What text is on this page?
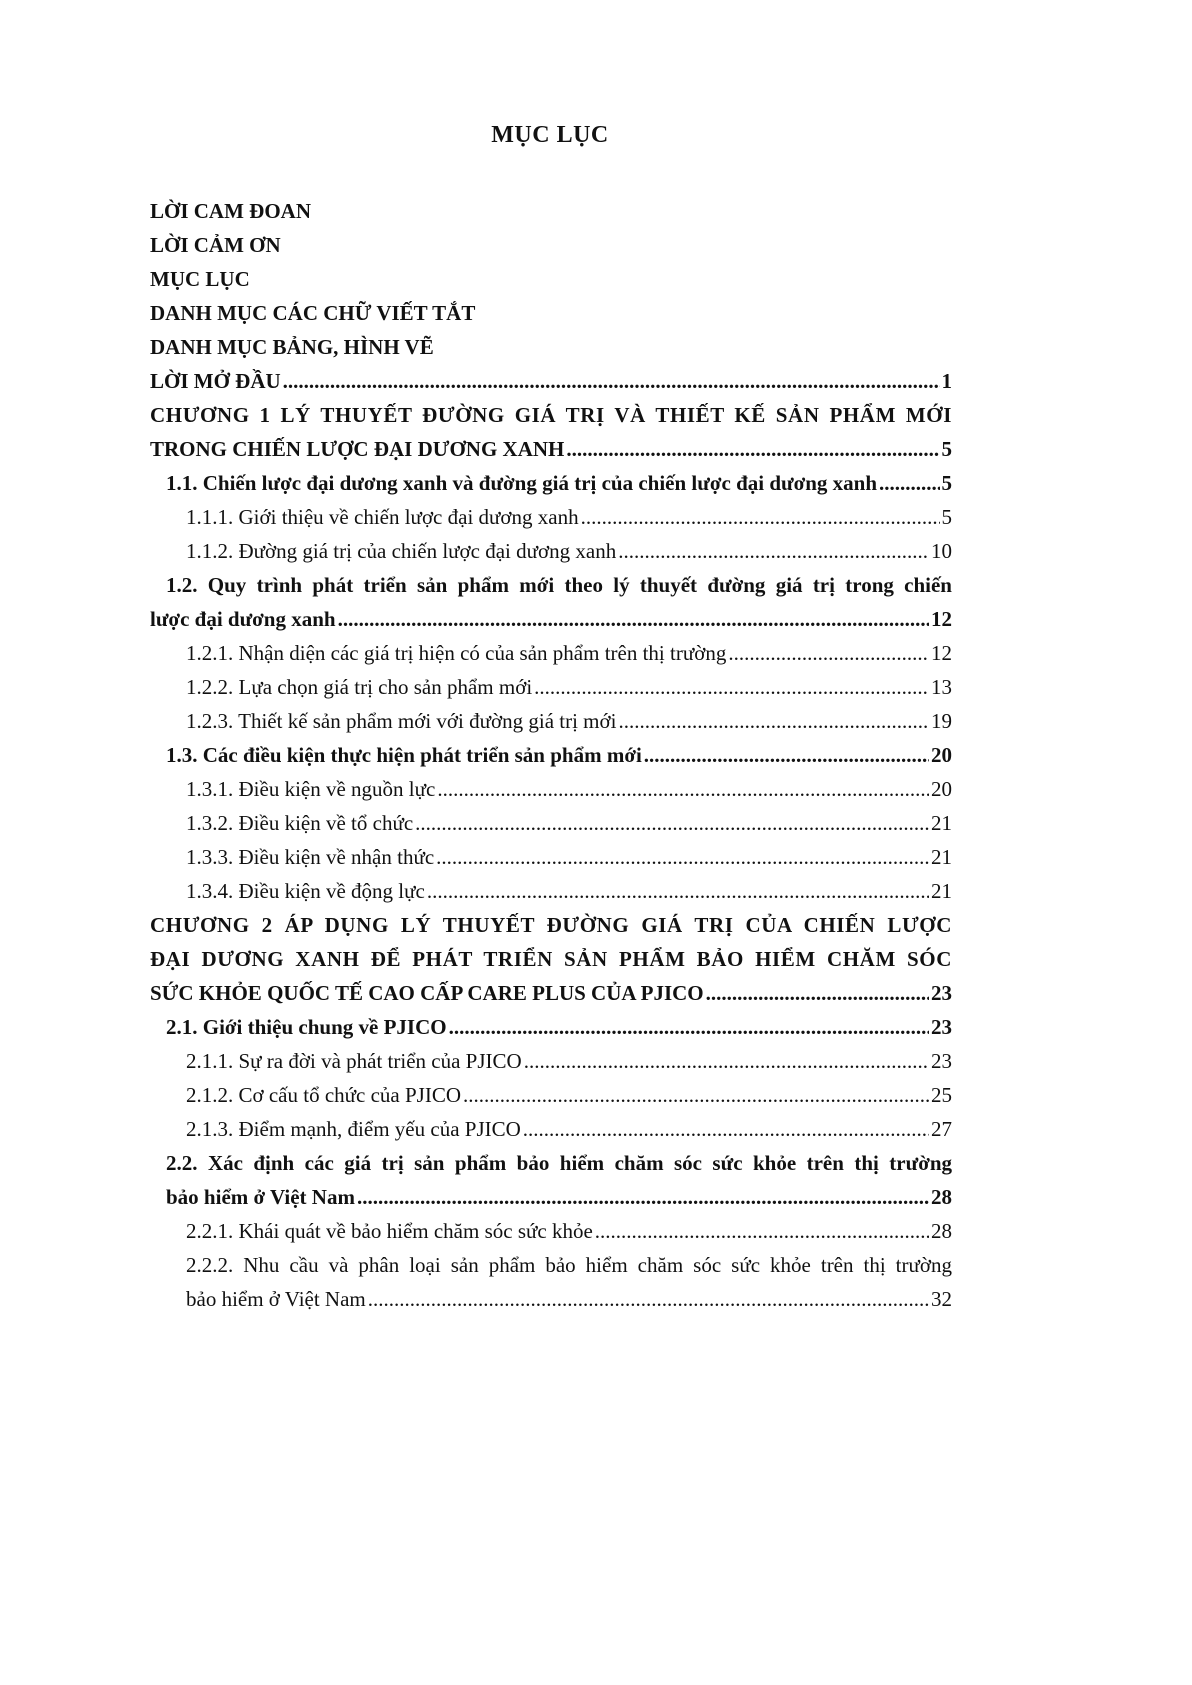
MỤC LỤC
LỜI CAM ĐOAN
LỜI CẢM ƠN
MỤC LỤC
DANH MỤC CÁC CHỮ VIẾT TẮT
DANH MỤC BẢNG, HÌNH VẼ
LỜI MỞ ĐẦU .....	1
CHƯƠNG 1 LÝ THUYẾT ĐƯỜNG GIÁ TRỊ VÀ THIẾT KẾ SẢN PHẨM MỚI
TRONG CHIẾN LƯỢC ĐẠI DƯƠNG XANH .....	5
1.1. Chiến lược đại dương xanh và đường giá trị của chiến lược đại dương xanh .....	5
1.1.1. Giới thiệu về chiến lược đại dương xanh .....	5
1.1.2. Đường giá trị của chiến lược đại dương xanh .....	10
1.2. Quy trình phát triển sản phẩm mới theo lý thuyết đường giá trị trong chiến
lược đại dương xanh .....	12
1.2.1. Nhận diện các giá trị hiện có của sản phẩm trên thị trường .....	12
1.2.2. Lựa chọn giá trị cho sản phẩm mới .....	13
1.2.3. Thiết kế sản phẩm mới với đường giá trị mới .....	19
1.3. Các điều kiện thực hiện phát triển sản phẩm mới .....	20
1.3.1. Điều kiện về nguồn lực .....	20
1.3.2. Điều kiện về tổ chức .....	21
1.3.3. Điều kiện về nhận thức .....	21
1.3.4. Điều kiện về động lực .....	21
CHƯƠNG 2 ÁP DỤNG LÝ THUYẾT ĐƯỜNG GIÁ TRỊ CỦA CHIẾN LƯỢC
ĐẠI DƯƠNG XANH ĐỂ PHÁT TRIỂN SẢN PHẨM BẢO HIỂM CHĂM SÓC
SỨC KHỎE QUỐC TẾ CAO CẤP CARE PLUS CỦA PJICO .....	23
2.1. Giới thiệu chung về PJICO .....	23
2.1.1. Sự ra đời và phát triển của PJICO .....	23
2.1.2. Cơ cấu tổ chức của PJICO .....	25
2.1.3. Điểm mạnh, điểm yếu của PJICO .....	27
2.2. Xác định các giá trị sản phẩm bảo hiểm chăm sóc sức khỏe trên thị trường
bảo hiểm ở Việt Nam .....	28
2.2.1. Khái quát về bảo hiểm chăm sóc sức khỏe .....	28
2.2.2. Nhu cầu và phân loại sản phẩm bảo hiểm chăm sóc sức khỏe trên thị trường
bảo hiểm ở Việt Nam .....	32
